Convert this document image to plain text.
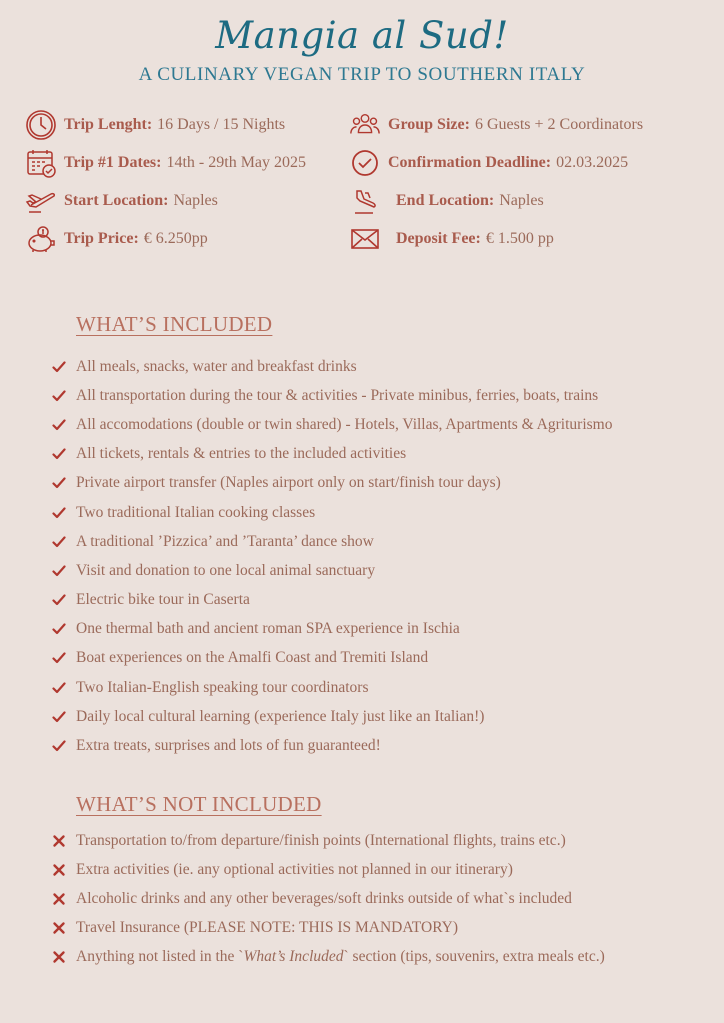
Mangia al Sud!
A CULINARY VEGAN TRIP TO SOUTHERN ITALY
Trip Lenght: 16 Days / 15 Nights	Group Size: 6 Guests + 2 Coordinators
Trip #1 Dates: 14th - 29th May 2025	Confirmation Deadline: 02.03.2025
Start Location: Naples	End Location: Naples
Trip Price: € 6.250pp	Deposit Fee: € 1.500 pp
WHAT’S INCLUDED
All meals, snacks, water and breakfast drinks
All transportation during the tour & activities - Private minibus, ferries, boats, trains
All accomodations (double or twin shared) - Hotels, Villas, Apartments & Agriturismo
All tickets, rentals & entries to the included activities
Private airport transfer (Naples airport only on start/finish tour days)
Two traditional Italian cooking classes
A traditional ’Pizzica’ and ’Taranta’ dance show
Visit and donation to one local animal sanctuary
Electric bike tour in Caserta
One thermal bath and ancient roman SPA experience in Ischia
Boat experiences on the Amalfi Coast and Tremiti Island
Two Italian-English speaking tour coordinators
Daily local cultural learning (experience Italy just like an Italian!)
Extra treats, surprises and lots of fun guaranteed!
WHAT’S NOT INCLUDED
Transportation to/from departure/finish points (International flights, trains etc.)
Extra activities (ie. any optional activities not planned in our itinerary)
Alcoholic drinks and any other beverages/soft drinks outside of what`s included
Travel Insurance (PLEASE NOTE: THIS IS MANDATORY)
Anything not listed in the ` What’s Included ` section (tips, souvenirs, extra meals etc.)
